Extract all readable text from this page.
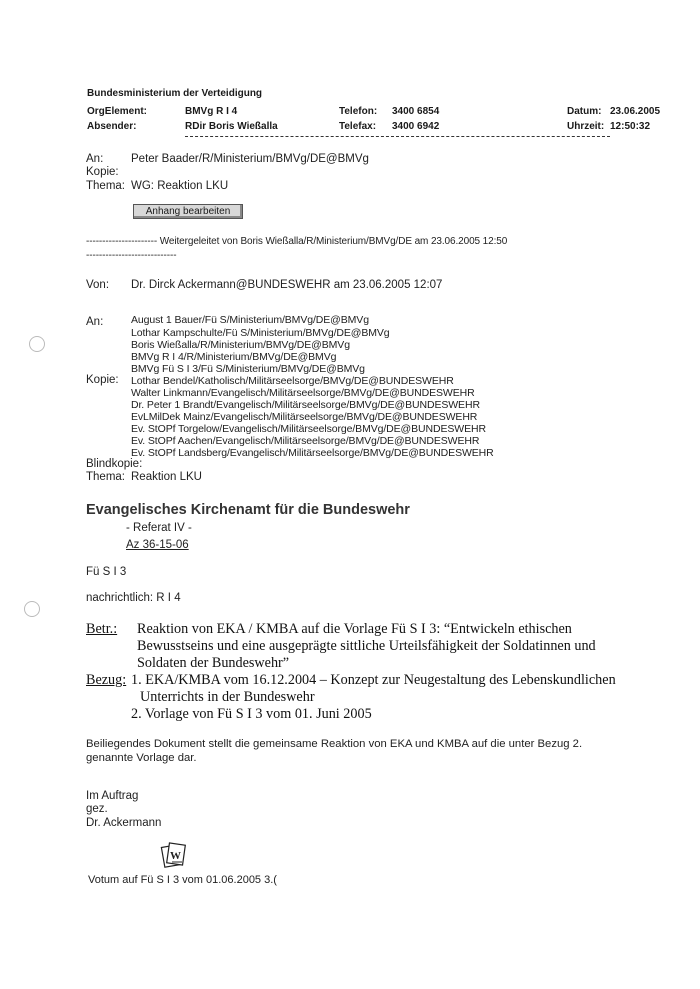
Bundesministerium der Verteidigung
OrgElement:	BMVg R I 4
Absender:	RDir Boris Wießalla
Telefon: 3400 6854
Telefax: 3400 6942
Datum: 23.06.2005
Uhrzeit: 12:50:32
An: Peter Baader/R/Ministerium/BMVg/DE@BMVg
Kopie:
Thema: WG: Reaktion LKU
Anhang bearbeiten
---------------------- Weitergeleitet von Boris Wießalla/R/Ministerium/BMVg/DE am 23.06.2005 12:50
----------------------------
Von: Dr. Dirck Ackermann@BUNDESWEHR am 23.06.2005 12:07
An:	August 1 Bauer/Fü S/Ministerium/BMVg/DE@BMVg
Lothar Kampschulte/Fü S/Ministerium/BMVg/DE@BMVg
Boris Wießalla/R/Ministerium/BMVg/DE@BMVg
BMVg R I 4/R/Ministerium/BMVg/DE@BMVg
BMVg Fü S I 3/Fü S/Ministerium/BMVg/DE@BMVg
Kopie: Lothar Bendel/Katholisch/Militärseelsorge/BMVg/DE@BUNDESWEHR
Walter Linkmann/Evangelisch/Militärseelsorge/BMVg/DE@BUNDESWEHR
Dr. Peter 1 Brandt/Evangelisch/Militärseelsorge/BMVg/DE@BUNDESWEHR
EvLMilDek Mainz/Evangelisch/Militärseelsorge/BMVg/DE@BUNDESWEHR
Ev. StOPf Torgelow/Evangelisch/Militärseelsorge/BMVg/DE@BUNDESWEHR
Ev. StOPf Aachen/Evangelisch/Militärseelsorge/BMVg/DE@BUNDESWEHR
Ev. StOPf Landsberg/Evangelisch/Militärseelsorge/BMVg/DE@BUNDESWEHR
Blindkopie:
Thema: Reaktion LKU
Evangelisches Kirchenamt für die Bundeswehr
- Referat IV -
Az 36-15-06
Fü S I 3
nachrichtlich: R I 4
Betr.: Reaktion von EKA / KMBA auf die Vorlage Fü S I 3: “Entwickeln ethischen
Bewusstseins und eine ausgeprägte sittliche Urteilsfähigkeit der Soldatinnen und
Soldaten der Bundeswehr”
Bezug: 1. EKA/KMBA vom 16.12.2004 – Konzept zur Neugestaltung des Lebenskundlichen
Unterrichts in der Bundeswehr
2. Vorlage von Fü S I 3 vom 01. Juni 2005
Beiliegendes Dokument stellt die gemeinsame Reaktion von EKA und KMBA auf die unter Bezug 2.
genannte Vorlage dar.
Im Auftrag
gez.
Dr. Ackermann
W
Votum auf Fü S I 3 vom 01.06.2005 3.(
